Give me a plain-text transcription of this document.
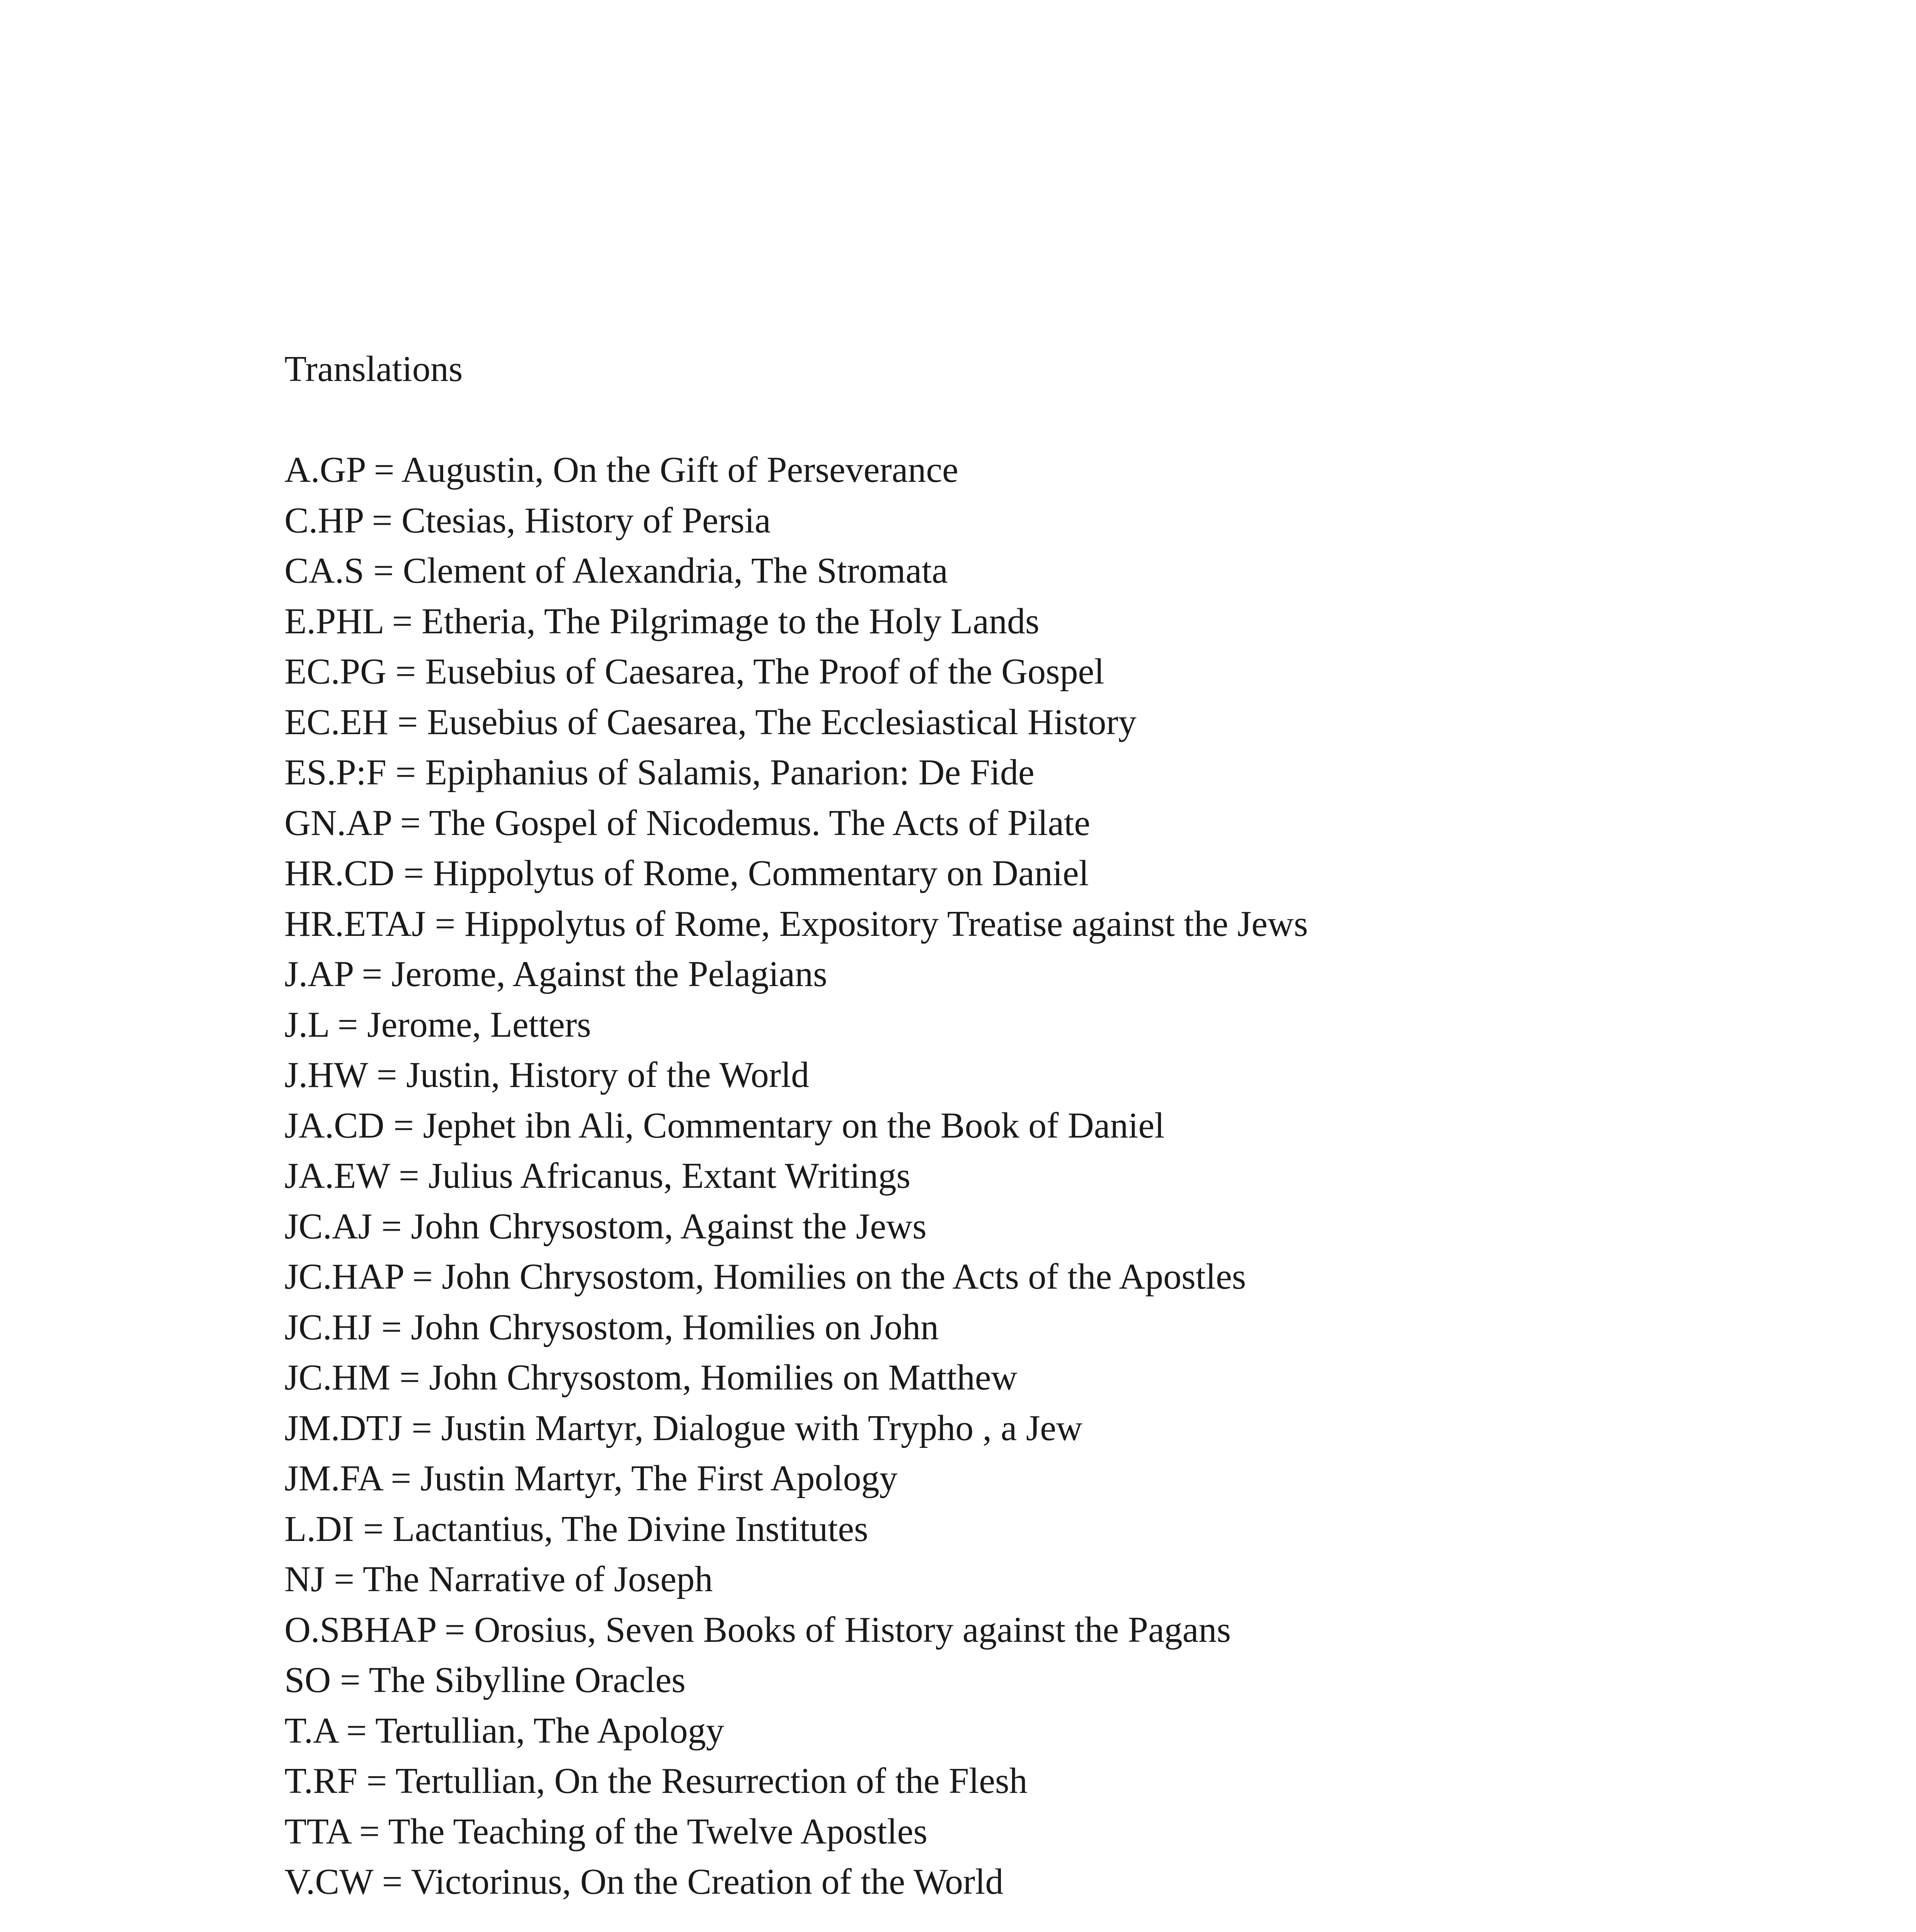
Translations

A.GP = Augustin, On the Gift of Perseverance

C.HP = Ctesias, History of Persia

CA.S = Clement of Alexandria, The Stromata

E.PHL = Etheria, The Pilgrimage to the Holy Lands

EC.PG = Eusebius of Caesarea, The Proof of the Gospel

EC.EH = Eusebius of Caesarea, The Ecclesiastical History

ES.P:F = Epiphanius of Salamis, Panarion: De Fide

GN.AP = The Gospel of Nicodemus. The Acts of Pilate

HR.CD = Hippolytus of Rome, Commentary on Daniel

HR.ETAJ = Hippolytus of Rome, Expository Treatise against the Jews

J.AP = Jerome, Against the Pelagians

J.L = Jerome, Letters

J.HW = Justin, History of the World

JA.CD = Jephet ibn Ali, Commentary on the Book of Daniel

JA.EW = Julius Africanus, Extant Writings

JC.AJ = John Chrysostom, Against the Jews

JC.HAP = John Chrysostom, Homilies on the Acts of the Apostles

JC.HJ = John Chrysostom, Homilies on John

JC.HM = John Chrysostom, Homilies on Matthew

JM.DTJ = Justin Martyr, Dialogue with Trypho , a Jew

JM.FA = Justin Martyr, The First Apology

L.DI = Lactantius, The Divine Institutes

NJ = The Narrative of Joseph

O.SBHAP = Orosius, Seven Books of History against the Pagans

SO = The Sibylline Oracles

T.A = Tertullian, The Apology

T.RF = Tertullian, On the Resurrection of the Flesh

TTA = The Teaching of the Twelve Apostles

V.CW = Victorinus, On the Creation of the World
